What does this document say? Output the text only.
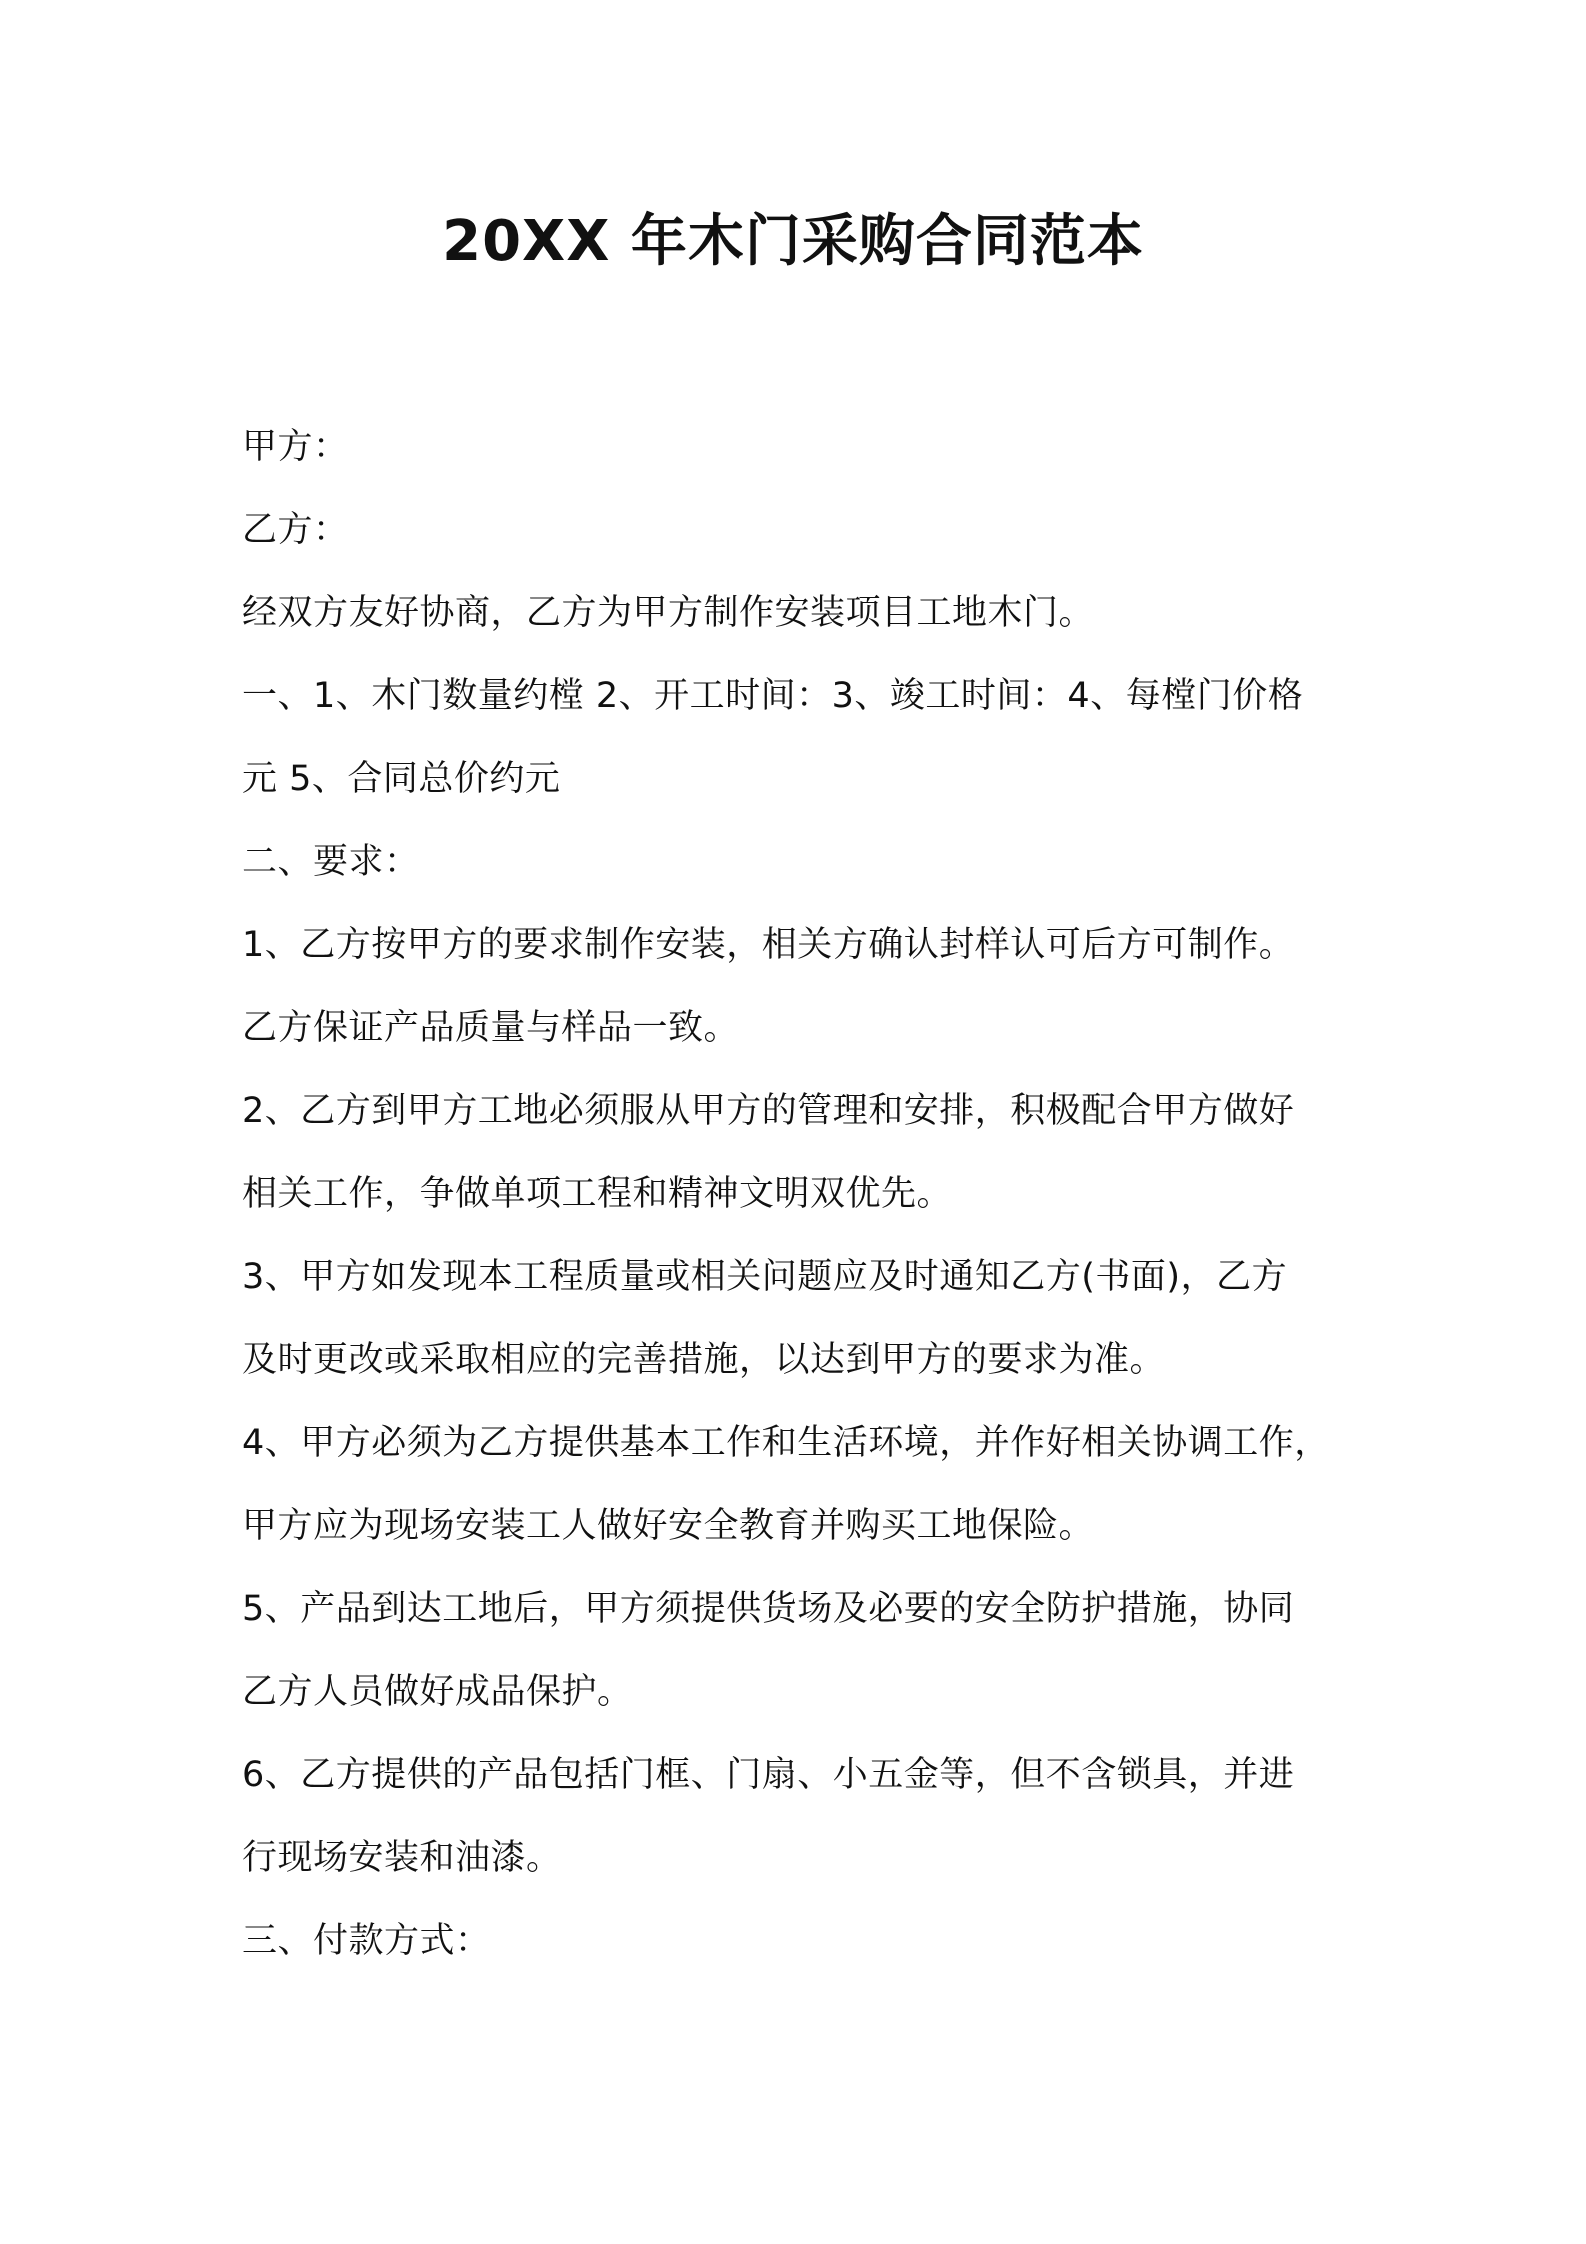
20XX 年木门采购合同范本
甲方：
乙方：
经双方友好协商，乙方为甲方制作安装项目工地木门。
一、1、木门数量约樘 2、开工时间：3、竣工时间：4、每樘门价格
元 5、合同总价约元
二、要求：
1、乙方按甲方的要求制作安装，相关方确认封样认可后方可制作。
乙方保证产品质量与样品一致。
2、乙方到甲方工地必须服从甲方的管理和安排，积极配合甲方做好
相关工作，争做单项工程和精神文明双优先。
3、甲方如发现本工程质量或相关问题应及时通知乙方(书面)，乙方
及时更改或采取相应的完善措施，以达到甲方的要求为准。
4、甲方必须为乙方提供基本工作和生活环境，并作好相关协调工作，
甲方应为现场安装工人做好安全教育并购买工地保险。
5、产品到达工地后，甲方须提供货场及必要的安全防护措施，协同
乙方人员做好成品保护。
6、乙方提供的产品包括门框、门扇、小五金等，但不含锁具，并进
行现场安装和油漆。
三、付款方式：
